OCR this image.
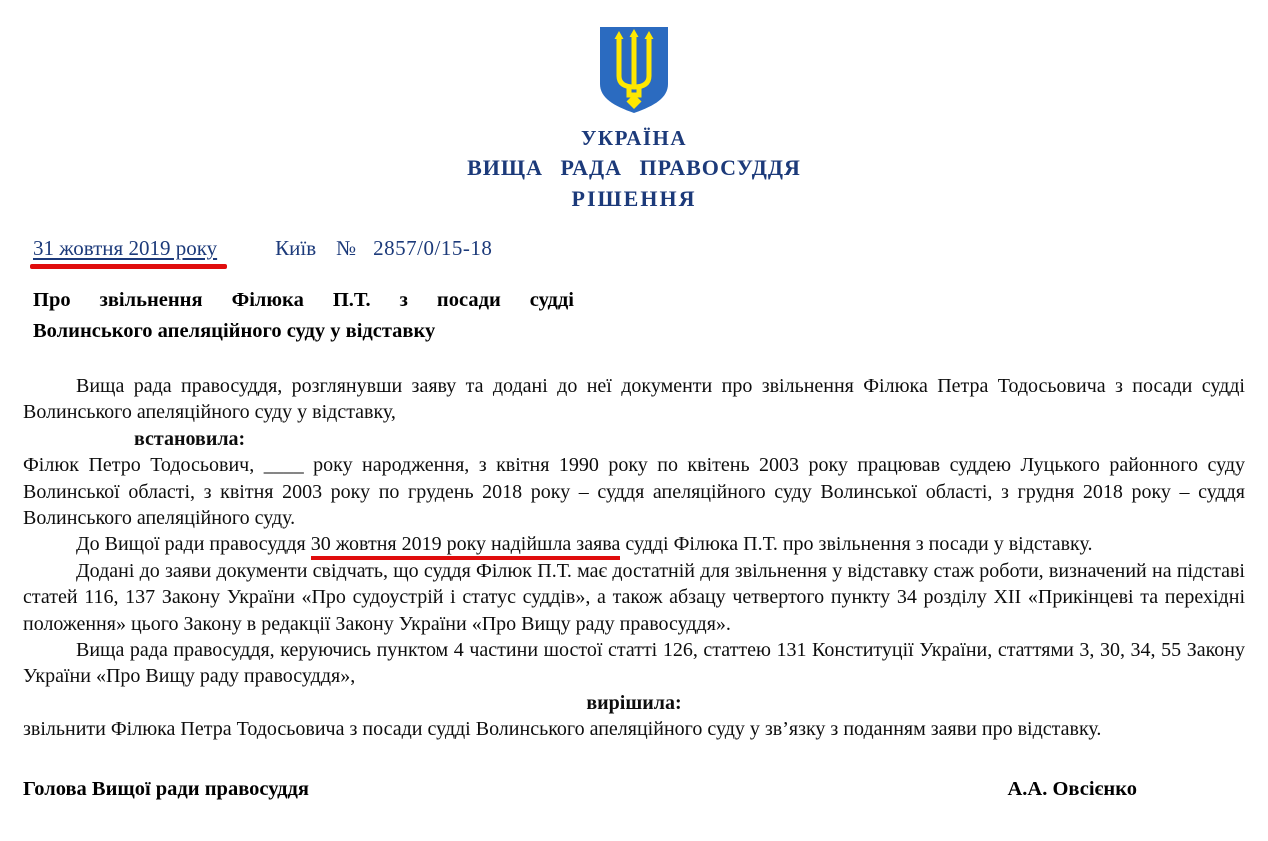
УКРАЇНА
ВИЩА РАДА ПРАВОСУДДЯ
РІШЕННЯ
31 жовтня 2019 року	Київ № 2857/0/15-18
Про звільнення Філюка П.Т. з посади судді
Волинського апеляційного суду у відставку

Вища рада правосуддя, розглянувши заяву та додані до неї документи про звільнення Філюка Петра Тодосьовича з посади судді Волинського апеляційного суду у відставку,

встановила:

Філюк Петро Тодосьович, ____ року народження, з квітня 1990 року по квітень 2003 року працював суддею Луцького районного суду Волинської області, з квітня 2003 року по грудень 2018 року – суддя апеляційного суду Волинської області, з грудня 2018 року – суддя Волинського апеляційного суду.

До Вищої ради правосуддя 30 жовтня 2019 року надійшла заява судді Філюка П.Т. про звільнення з посади у відставку.

Додані до заяви документи свідчать, що суддя Філюк П.Т. має достатній для звільнення у відставку стаж роботи, визначений на підставі статей 116, 137 Закону України «Про судоустрій і статус суддів», а також абзацу четвертого пункту 34 розділу XII «Прикінцеві та перехідні положення» цього Закону в редакції Закону України «Про Вищу раду правосуддя».

Вища рада правосуддя, керуючись пунктом 4 частини шостої статті 126, статтею 131 Конституції України, статтями 3, 30, 34, 55 Закону України «Про Вищу раду правосуддя»,

вирішила:

звільнити Філюка Петра Тодосьовича з посади судді Волинського апеляційного суду у зв’язку з поданням заяви про відставку.

Голова Вищої ради правосуддя	А.А. Овсієнко
